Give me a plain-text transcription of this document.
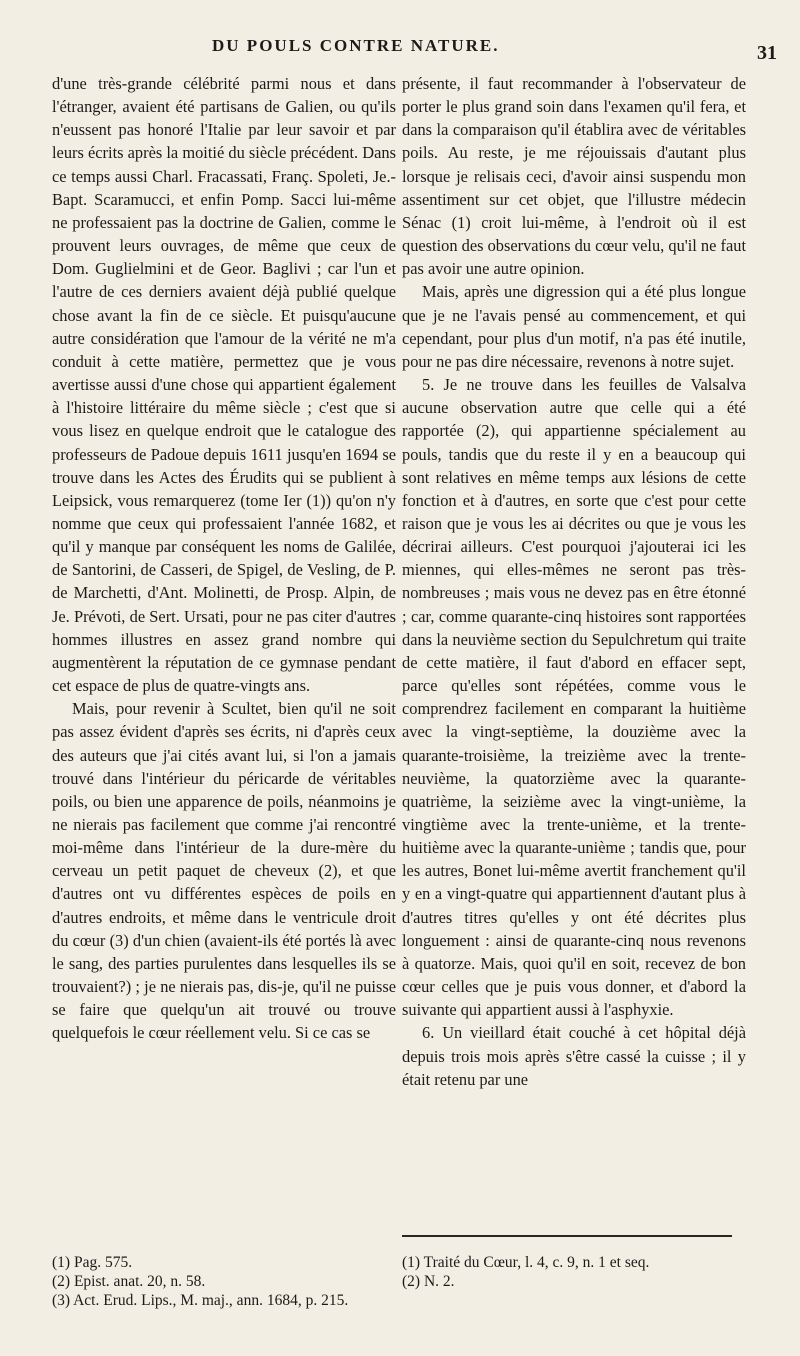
DU POULS CONTRE NATURE.	31

d'une très-grande célébrité parmi nous et dans l'étranger, avaient été partisans de Galien, ou qu'ils n'eussent pas honoré l'Italie par leur savoir et par leurs écrits après la moitié du siècle précédent. Dans ce temps aussi Charl. Fracassati, Franç. Spoleti, Je.-Bapt. Scaramucci, et enfin Pomp. Sacci lui-même ne professaient pas la doctrine de Galien, comme le prouvent leurs ouvrages, de même que ceux de Dom. Guglielmini et de Geor. Baglivi ; car l'un et l'autre de ces derniers avaient déjà publié quelque chose avant la fin de ce siècle. Et puisqu'aucune autre considération que l'amour de la vérité ne m'a conduit à cette matière, permettez que je vous avertisse aussi d'une chose qui appartient également à l'histoire littéraire du même siècle ; c'est que si vous lisez en quelque endroit que le catalogue des professeurs de Padoue depuis 1611 jusqu'en 1694 se trouve dans les Actes des Érudits qui se publient à Leipsick, vous remarquerez (tome Ier (1)) qu'on n'y nomme que ceux qui professaient l'année 1682, et qu'il y manque par conséquent les noms de Galilée, de Santorini, de Casseri, de Spigel, de Vesling, de P. de Marchetti, d'Ant. Molinetti, de Prosp. Alpin, de Je. Prévoti, de Sert. Ursati, pour ne pas citer d'autres hommes illustres en assez grand nombre qui augmentèrent la réputation de ce gymnase pendant cet espace de plus de quatre-vingts ans.

Mais, pour revenir à Scultet, bien qu'il ne soit pas assez évident d'après ses écrits, ni d'après ceux des auteurs que j'ai cités avant lui, si l'on a jamais trouvé dans l'intérieur du péricarde de véritables poils, ou bien une apparence de poils, néanmoins je ne nierais pas facilement que comme j'ai rencontré moi-même dans l'intérieur de la dure-mère du cerveau un petit paquet de cheveux (2), et que d'autres ont vu différentes espèces de poils en d'autres endroits, et même dans le ventricule droit du cœur (3) d'un chien (avaient-ils été portés là avec le sang, des parties purulentes dans lesquelles ils se trouvaient?) ; je ne nierais pas, dis-je, qu'il ne puisse se faire que quelqu'un ait trouvé ou trouve quelquefois le cœur réellement velu. Si ce cas se

présente, il faut recommander à l'observateur de porter le plus grand soin dans l'examen qu'il fera, et dans la comparaison qu'il établira avec de véritables poils. Au reste, je me réjouissais d'autant plus lorsque je relisais ceci, d'avoir ainsi suspendu mon assentiment sur cet objet, que l'illustre médecin Sénac (1) croit lui-même, à l'endroit où il est question des observations du cœur velu, qu'il ne faut pas avoir une autre opinion.

Mais, après une digression qui a été plus longue que je ne l'avais pensé au commencement, et qui cependant, pour plus d'un motif, n'a pas été inutile, pour ne pas dire nécessaire, revenons à notre sujet.

5. Je ne trouve dans les feuilles de Valsalva aucune observation autre que celle qui a été rapportée (2), qui appartienne spécialement au pouls, tandis que du reste il y en a beaucoup qui sont relatives en même temps aux lésions de cette fonction et à d'autres, en sorte que c'est pour cette raison que je vous les ai décrites ou que je vous les décrirai ailleurs. C'est pourquoi j'ajouterai ici les miennes, qui elles-mêmes ne seront pas très-nombreuses ; mais vous ne devez pas en être étonné ; car, comme quarante-cinq histoires sont rapportées dans la neuvième section du Sepulchretum qui traite de cette matière, il faut d'abord en effacer sept, parce qu'elles sont répétées, comme vous le comprendrez facilement en comparant la huitième avec la vingt-septième, la douzième avec la quarante-troisième, la treizième avec la trente-neuvième, la quatorzième avec la quarante-quatrième, la seizième avec la vingt-unième, la vingtième avec la trente-unième, et la trente-huitième avec la quarante-unième ; tandis que, pour les autres, Bonet lui-même avertit franchement qu'il y en a vingt-quatre qui appartiennent d'autant plus à d'autres titres qu'elles y ont été décrites plus longuement : ainsi de quarante-cinq nous revenons à quatorze. Mais, quoi qu'il en soit, recevez de bon cœur celles que je puis vous donner, et d'abord la suivante qui appartient aussi à l'asphyxie.

6. Un vieillard était couché à cet hôpital déjà depuis trois mois après s'être cassé la cuisse ; il y était retenu par une

(1) Pag. 575.

(2) Epist. anat. 20, n. 58.

(3) Act. Erud. Lips., M. maj., ann. 1684, p. 215.

(1) Traité du Cœur, l. 4, c. 9, n. 1 et seq.

(2) N. 2.
